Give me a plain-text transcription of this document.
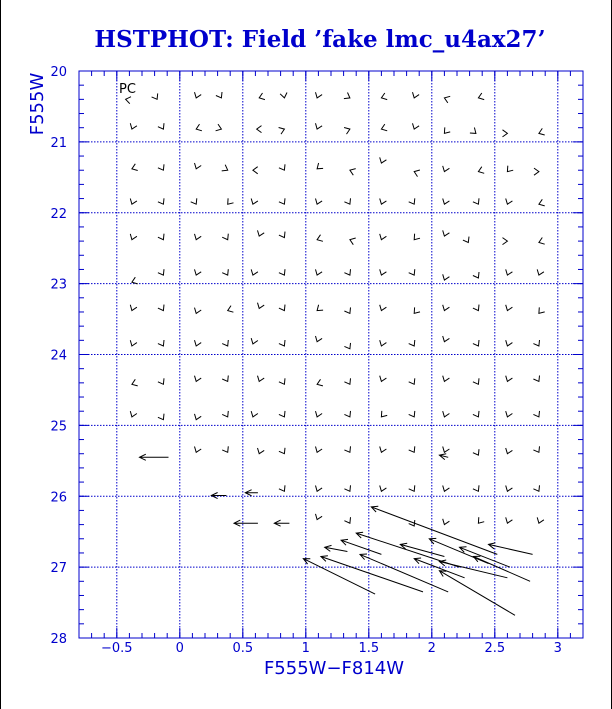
HSTPHOT: Field ’fake lmc_u4ax27’
−0.5	0	0.5	1	1.5	2	2.5	3
20
21
22
23
24
25
26
27
28
PC
F555W−F814W
F555W
